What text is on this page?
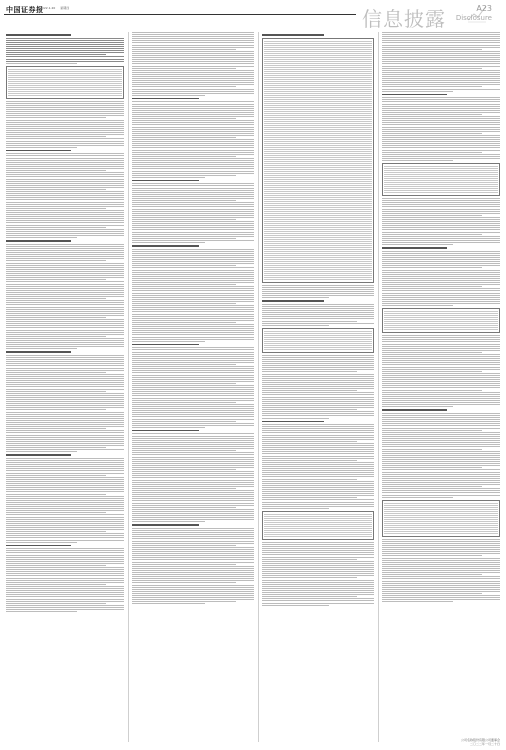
中国证券报
2022.1.20 星期四	信息披露	A23
Disclosure
公司名称股份有限公司董事会
二〇二二年一月二十日
